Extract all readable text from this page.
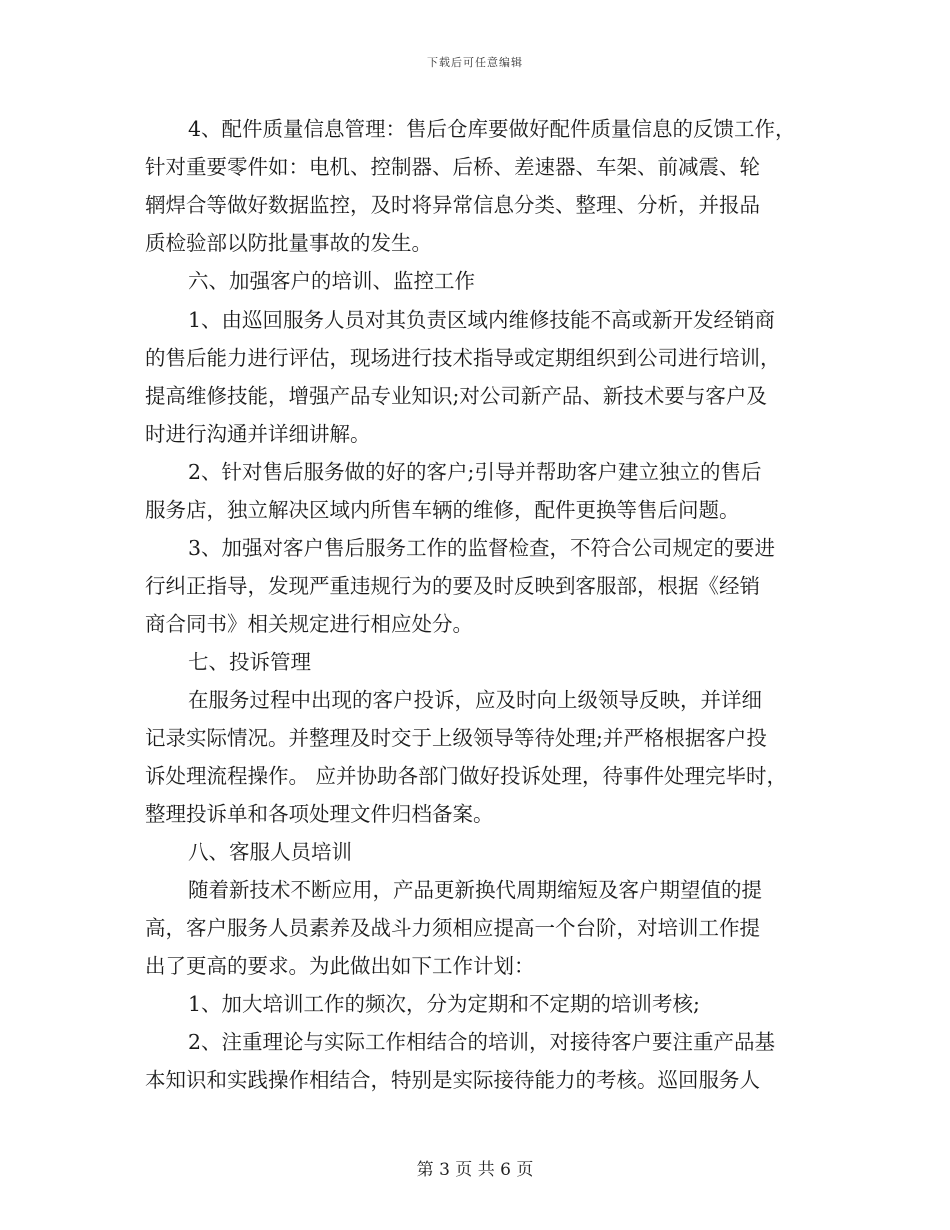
下载后可任意编辑
4、配件质量信息管理：售后仓库要做好配件质量信息的反馈工作，
针对重要零件如：电机、控制器、后桥、差速器、车架、前减震、轮
辋焊合等做好数据监控，及时将异常信息分类、整理、分析，并报品
质检验部以防批量事故的发生。
六、加强客户的培训、监控工作
1、由巡回服务人员对其负责区域内维修技能不高或新开发经销商
的售后能力进行评估，现场进行技术指导或定期组织到公司进行培训，
提高维修技能，增强产品专业知识;对公司新产品、新技术要与客户及
时进行沟通并详细讲解。
2、针对售后服务做的好的客户;引导并帮助客户建立独立的售后
服务店，独立解决区域内所售车辆的维修，配件更换等售后问题。
3、加强对客户售后服务工作的监督检查，不符合公司规定的要进
行纠正指导，发现严重违规行为的要及时反映到客服部，根据《经销
商合同书》相关规定进行相应处分。
七、投诉管理
在服务过程中出现的客户投诉，应及时向上级领导反映，并详细
记录实际情况。并整理及时交于上级领导等待处理;并严格根据客户投
诉处理流程操作。 应并协助各部门做好投诉处理，待事件处理完毕时，
整理投诉单和各项处理文件归档备案。
八、客服人员培训
随着新技术不断应用，产品更新换代周期缩短及客户期望值的提
高，客户服务人员素养及战斗力须相应提高一个台阶，对培训工作提
出了更高的要求。为此做出如下工作计划：
1、加大培训工作的频次，分为定期和不定期的培训考核;
2、注重理论与实际工作相结合的培训，对接待客户要注重产品基
本知识和实践操作相结合，特别是实际接待能力的考核。巡回服务人
第 3 页 共 6 页
